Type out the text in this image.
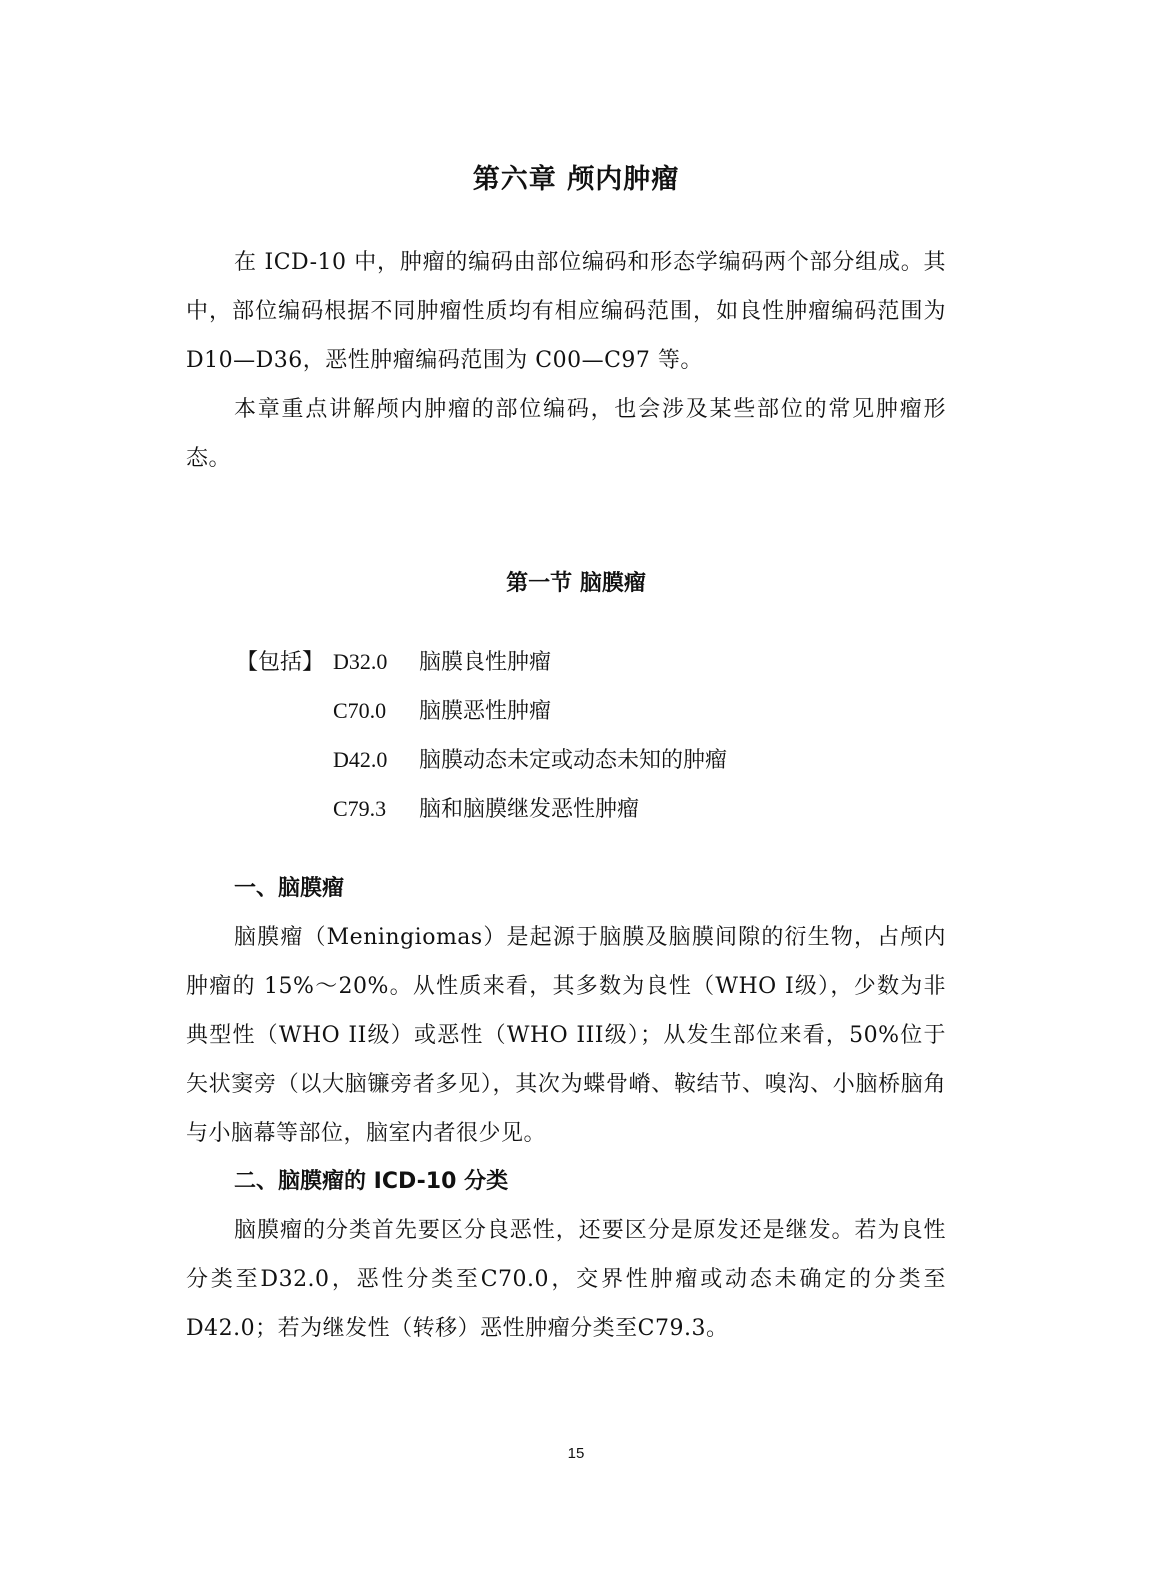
第六章 颅内肿瘤

在 ICD-10 中，肿瘤的编码由部位编码和形态学编码两个部分组成。其中，部位编码根据不同肿瘤性质均有相应编码范围，如良性肿瘤编码范围为 D10—D36，恶性肿瘤编码范围为 C00—C97 等。

本章重点讲解颅内肿瘤的部位编码，也会涉及某些部位的常见肿瘤形态。

第一节 脑膜瘤
【包括】 D32.0	脑膜良性肿瘤
C70.0	脑膜恶性肿瘤
D42.0	脑膜动态未定或动态未知的肿瘤
C79.3	脑和脑膜继发恶性肿瘤
一、脑膜瘤

脑膜瘤（Meningiomas）是起源于脑膜及脑膜间隙的衍生物，占颅内肿瘤的 15%～20%。从性质来看，其多数为良性（WHO I级），少数为非典型性（WHO II级）或恶性（WHO III级）；从发生部位来看，50%位于矢状窦旁（以大脑镰旁者多见），其次为蝶骨嵴、鞍结节、嗅沟、小脑桥脑角与小脑幕等部位，脑室内者很少见。

二、脑膜瘤的 ICD-10 分类

脑膜瘤的分类首先要区分良恶性，还要区分是原发还是继发。若为良性分类至D32.0，恶性分类至C70.0，交界性肿瘤或动态未确定的分类至D42.0；若为继发性（转移）恶性肿瘤分类至C79.3。

15
